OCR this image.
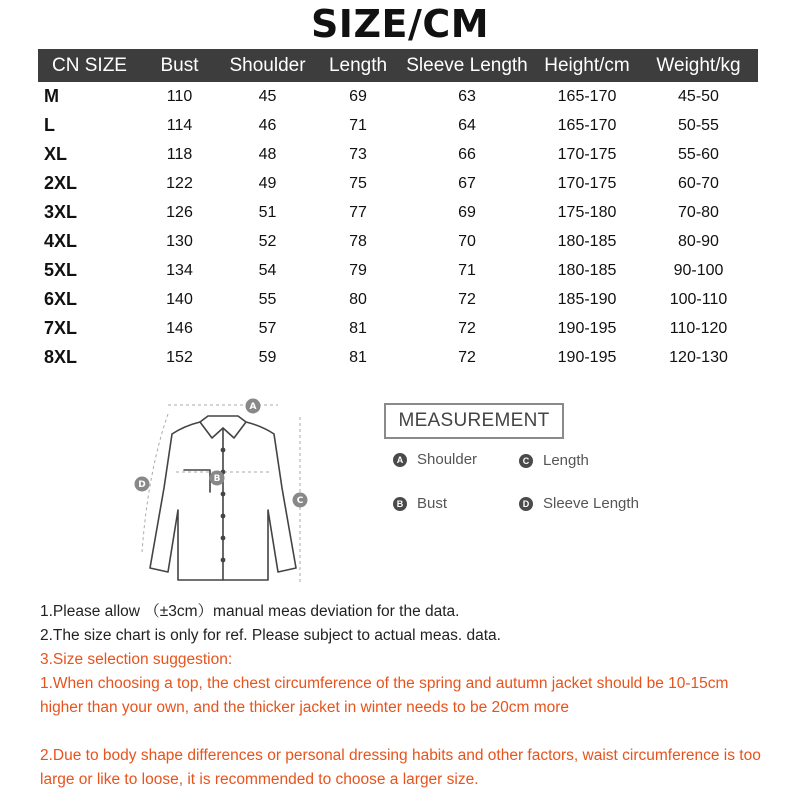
SIZE/CM
CN SIZE	Bust	Shoulder	Length	Sleeve Length	Height/cm	Weight/kg
M	110	45	69	63	165-170	45-50
L	114	46	71	64	165-170	50-55
XL	118	48	73	66	170-175	55-60
2XL	122	49	75	67	170-175	60-70
3XL	126	51	77	69	175-180	70-80
4XL	130	52	78	70	180-185	80-90
5XL	134	54	79	71	180-185	90-100
6XL	140	55	80	72	185-190	100-110
7XL	146	57	81	72	190-195	110-120
8XL	152	59	81	72	190-195	120-130
A
B
C
D
MEASUREMENT
A Shoulder	C Length
B Bust	D Sleeve Length

1.Please allow （±3cm）manual meas deviation for the data.

2.The size chart is only for ref. Please subject to actual meas. data.

3.Size selection suggestion:

1.When choosing a top, the chest circumference of the spring and autumn jacket should be 10-15cm higher than your own, and the thicker jacket in winter needs to be 20cm more

2.Due to body shape differences or personal dressing habits and other factors, waist circumference is too large or like to loose, it is recommended to choose a larger size.
